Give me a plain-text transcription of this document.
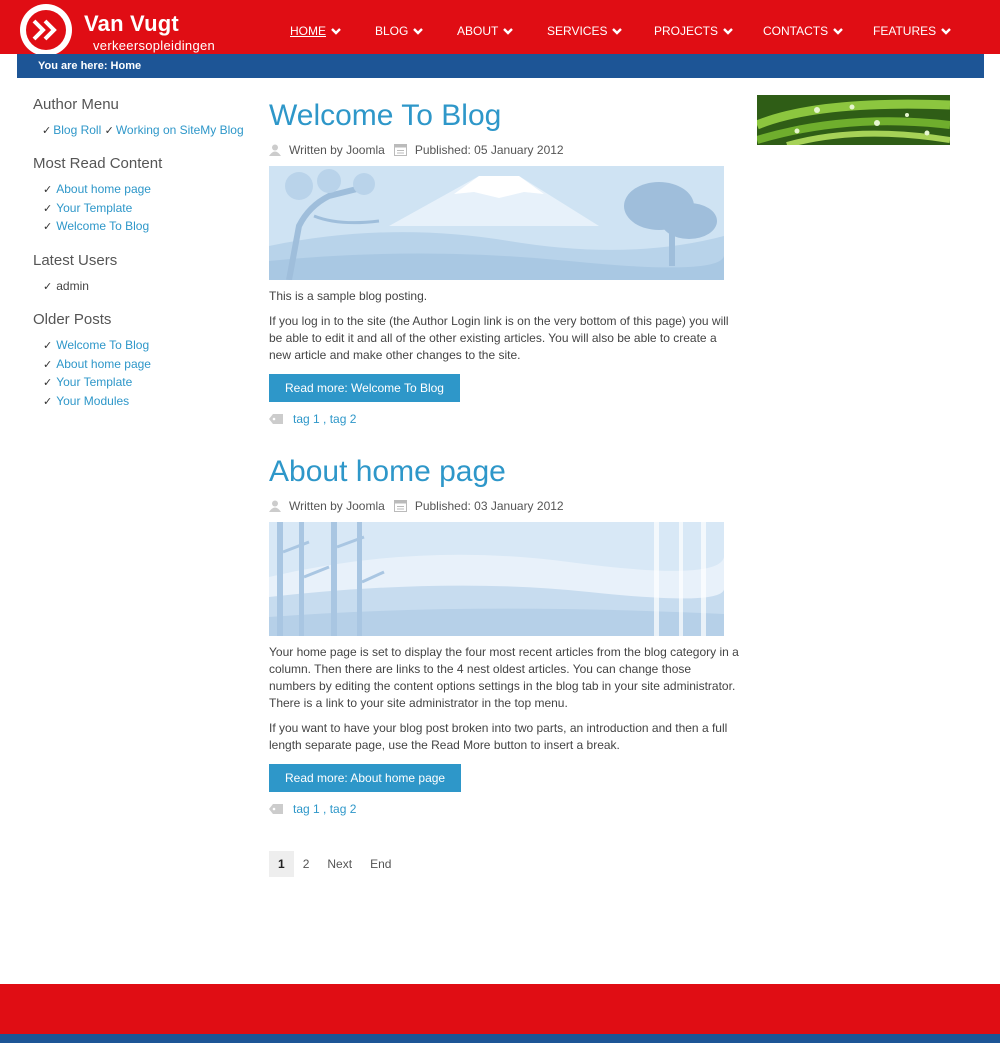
Van Vugt
verkeersopleidingen
HOME	BLOG	ABOUT	SERVICES	PROJECTS	CONTACTS	FEATURES
You are here: Home
Author Menu
✓ Blog Roll ✓ Working on SiteMy Blog
Most Read Content
✓ About home page
✓ Your Template
✓ Welcome To Blog
Latest Users
✓ admin
Older Posts
✓ Welcome To Blog
✓ About home page
✓ Your Template
✓ Your Modules
Welcome To Blog
Written by Joomla	Published: 05 January 2012

This is a sample blog posting.

If you log in to the site (the Author Login link is on the very bottom of this page) you will be able to edit it and all of the other existing articles. You will also be able to create a new article and make other changes to the site.

Read more: Welcome To Blog
tag 1 , tag 2
About home page
Written by Joomla	Published: 03 January 2012

Your home page is set to display the four most recent articles from the blog category in a column. Then there are links to the 4 nest oldest articles. You can change those numbers by editing the content options settings in the blog tab in your site administrator. There is a link to your site administrator in the top menu.

If you want to have your blog post broken into two parts, an introduction and then a full length separate page, use the Read More button to insert a break.

Read more: About home page
tag 1 , tag 2
1	2	Next	End
